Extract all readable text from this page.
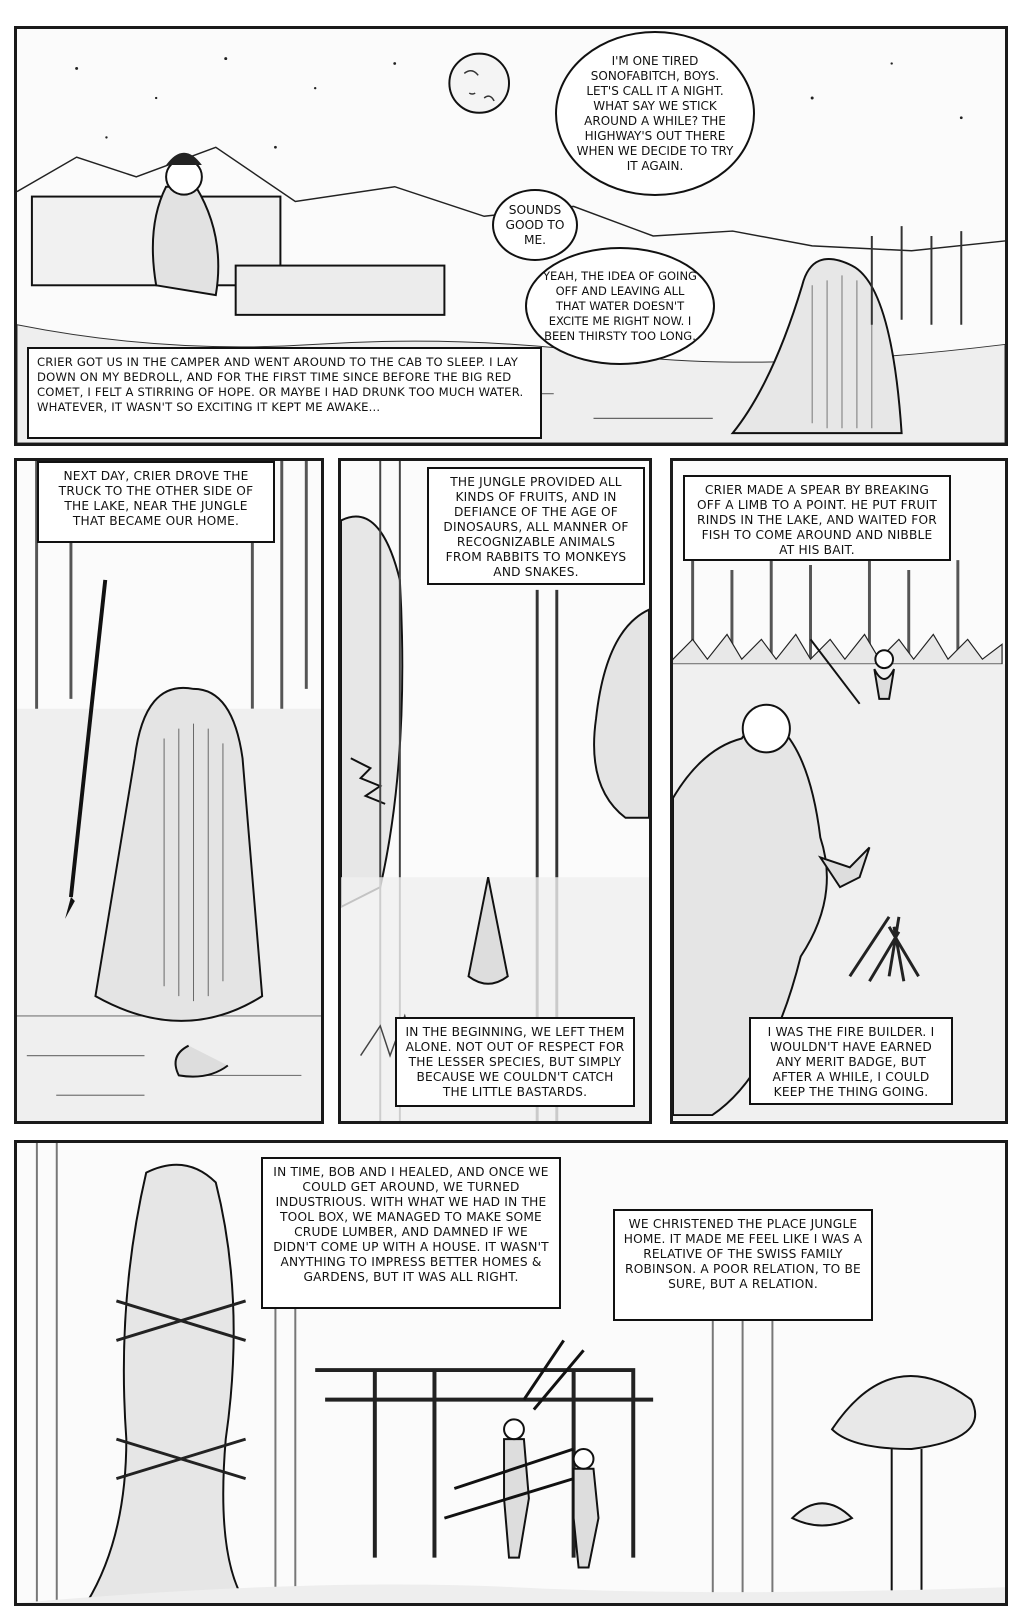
I'M ONE TIRED SONOFABITCH, BOYS. LET'S CALL IT A NIGHT. WHAT SAY WE STICK AROUND A WHILE? THE HIGHWAY'S OUT THERE WHEN WE DECIDE TO TRY IT AGAIN.
SOUNDS GOOD TO ME.
YEAH, THE IDEA OF GOING OFF AND LEAVING ALL THAT WATER DOESN'T EXCITE ME RIGHT NOW. I BEEN THIRSTY TOO LONG.
CRIER GOT US IN THE CAMPER AND WENT AROUND TO THE CAB TO SLEEP. I LAY DOWN ON MY BEDROLL, AND FOR THE FIRST TIME SINCE BEFORE THE BIG RED COMET, I FELT A STIRRING OF HOPE. OR MAYBE I HAD DRUNK TOO MUCH WATER. WHATEVER, IT WASN'T SO EXCITING IT KEPT ME AWAKE...
NEXT DAY, CRIER DROVE THE TRUCK TO THE OTHER SIDE OF THE LAKE, NEAR THE JUNGLE THAT BECAME OUR HOME.
THE JUNGLE PROVIDED ALL KINDS OF FRUITS, AND IN DEFIANCE OF THE AGE OF DINOSAURS, ALL MANNER OF RECOGNIZABLE ANIMALS FROM RABBITS TO MONKEYS AND SNAKES.
IN THE BEGINNING, WE LEFT THEM ALONE. NOT OUT OF RESPECT FOR THE LESSER SPECIES, BUT SIMPLY BECAUSE WE COULDN'T CATCH THE LITTLE BASTARDS.
CRIER MADE A SPEAR BY BREAKING OFF A LIMB TO A POINT. HE PUT FRUIT RINDS IN THE LAKE, AND WAITED FOR FISH TO COME AROUND AND NIBBLE AT HIS BAIT.
I WAS THE FIRE BUILDER. I WOULDN'T HAVE EARNED ANY MERIT BADGE, BUT AFTER A WHILE, I COULD KEEP THE THING GOING.
IN TIME, BOB AND I HEALED, AND ONCE WE COULD GET AROUND, WE TURNED INDUSTRIOUS. WITH WHAT WE HAD IN THE TOOL BOX, WE MANAGED TO MAKE SOME CRUDE LUMBER, AND DAMNED IF WE DIDN'T COME UP WITH A HOUSE. IT WASN'T ANYTHING TO IMPRESS BETTER HOMES & GARDENS, BUT IT WAS ALL RIGHT.
WE CHRISTENED THE PLACE JUNGLE HOME. IT MADE ME FEEL LIKE I WAS A RELATIVE OF THE SWISS FAMILY ROBINSON. A POOR RELATION, TO BE SURE, BUT A RELATION.
